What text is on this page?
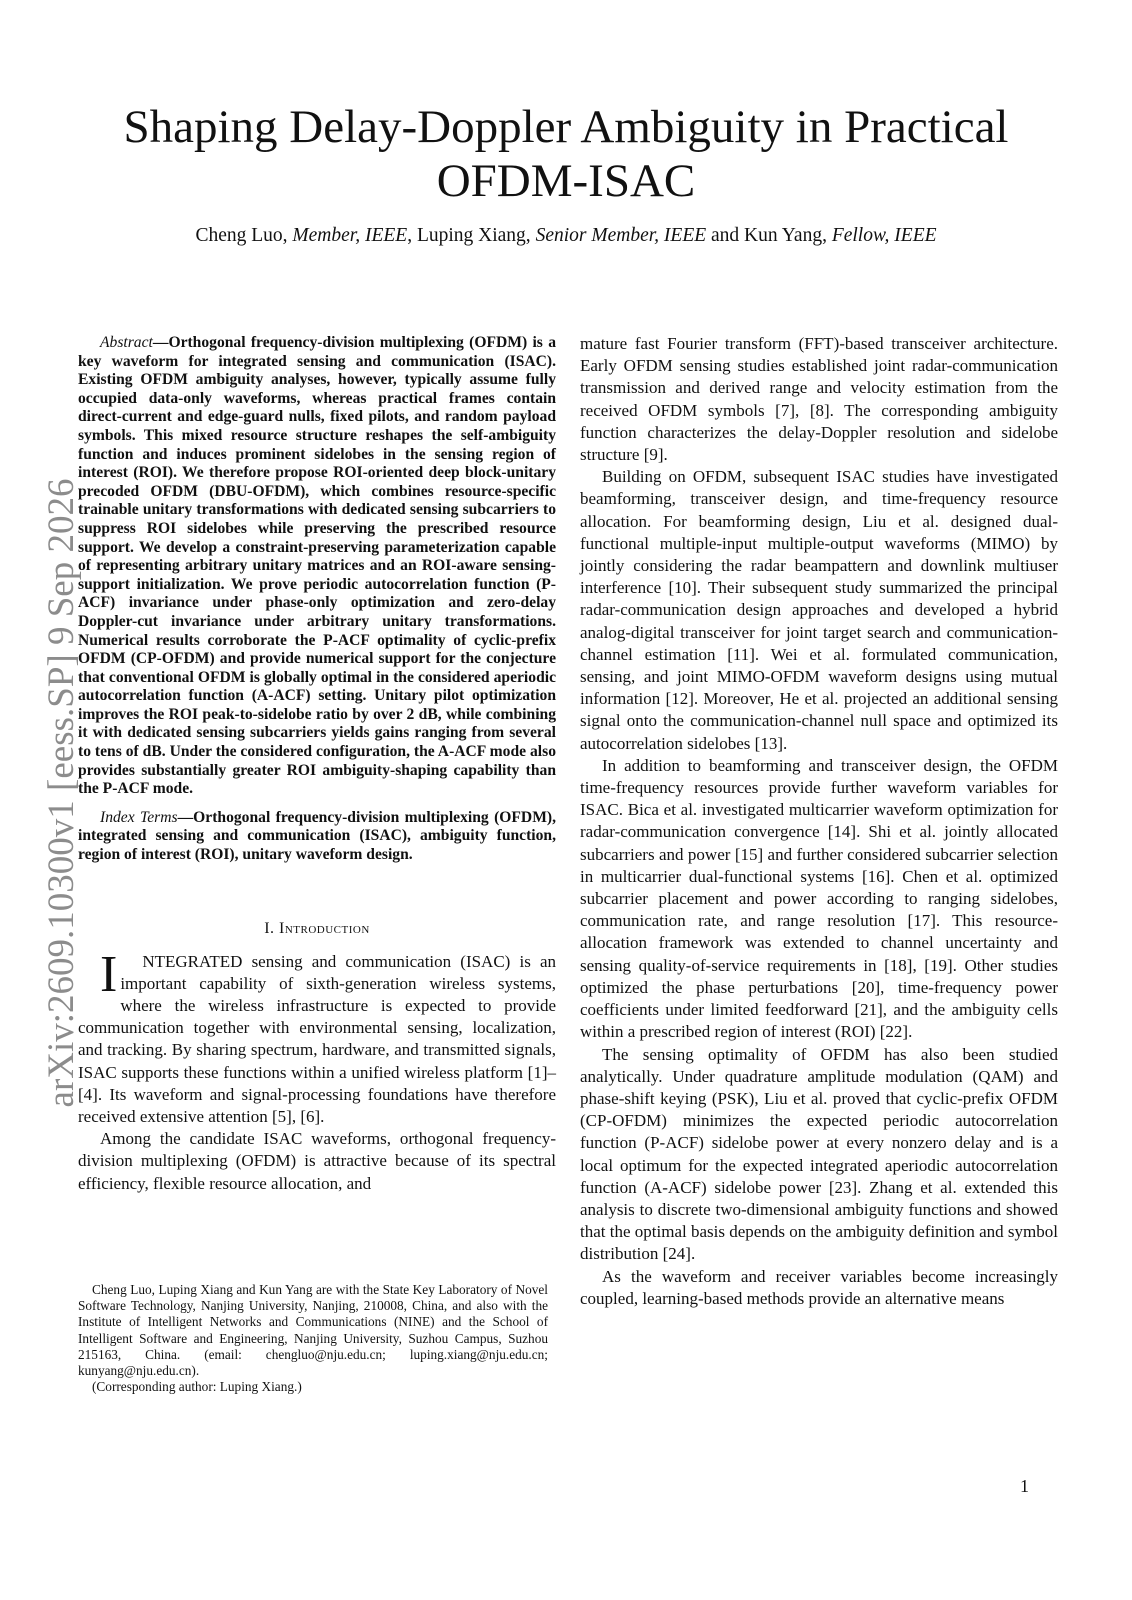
Shaping Delay-Doppler Ambiguity in Practical
OFDM-ISAC
Cheng Luo, Member, IEEE, Luping Xiang, Senior Member, IEEE and Kun Yang, Fellow, IEEE
arXiv:2609.10300v1 [eess.SP] 9 Sep 2026

Abstract—Orthogonal frequency-division multiplexing (OFDM) is a key waveform for integrated sensing and communication (ISAC). Existing OFDM ambiguity analyses, however, typically assume fully occupied data-only waveforms, whereas practical frames contain direct-current and edge-guard nulls, fixed pilots, and random payload symbols. This mixed resource structure reshapes the self-ambiguity function and induces prominent sidelobes in the sensing region of interest (ROI). We therefore propose ROI-oriented deep block-unitary precoded OFDM (DBU-OFDM), which combines resource-specific trainable unitary transformations with dedicated sensing subcarriers to suppress ROI sidelobes while preserving the prescribed resource support. We develop a constraint-preserving parameterization capable of representing arbitrary unitary matrices and an ROI-aware sensing-support initialization. We prove periodic autocorrelation function (P-ACF) invariance under phase-only optimization and zero-delay Doppler-cut invariance under arbitrary unitary transformations. Numerical results corroborate the P-ACF optimality of cyclic-prefix OFDM (CP-OFDM) and provide numerical support for the conjecture that conventional OFDM is globally optimal in the considered aperiodic autocorrelation function (A-ACF) setting. Unitary pilot optimization improves the ROI peak-to-sidelobe ratio by over 2 dB, while combining it with dedicated sensing subcarriers yields gains ranging from several to tens of dB. Under the considered configuration, the A-ACF mode also provides substantially greater ROI ambiguity-shaping capability than the P-ACF mode.

Index Terms—Orthogonal frequency-division multiplexing (OFDM), integrated sensing and communication (ISAC), ambiguity function, region of interest (ROI), unitary waveform design.

I. Introduction

I NTEGRATED sensing and communication (ISAC) is an important capability of sixth-generation wireless systems, where the wireless infrastructure is expected to provide communication together with environmental sensing, localization, and tracking. By sharing spectrum, hardware, and transmitted signals, ISAC supports these functions within a unified wireless platform [1]–[4]. Its waveform and signal-processing foundations have therefore received extensive attention [5], [6].

Among the candidate ISAC waveforms, orthogonal frequency-division multiplexing (OFDM) is attractive because of its spectral efficiency, flexible resource allocation, and

Cheng Luo, Luping Xiang and Kun Yang are with the State Key Laboratory of Novel Software Technology, Nanjing University, Nanjing, 210008, China, and also with the Institute of Intelligent Networks and Communications (NINE) and the School of Intelligent Software and Engineering, Nanjing University, Suzhou Campus, Suzhou 215163, China. (email: chengluo@nju.edu.cn; luping.xiang@nju.edu.cn; kunyang@nju.edu.cn).

(Corresponding author: Luping Xiang.)

mature fast Fourier transform (FFT)-based transceiver architecture. Early OFDM sensing studies established joint radar-communication transmission and derived range and velocity estimation from the received OFDM symbols [7], [8]. The corresponding ambiguity function characterizes the delay-Doppler resolution and sidelobe structure [9].

Building on OFDM, subsequent ISAC studies have investigated beamforming, transceiver design, and time-frequency resource allocation. For beamforming design, Liu et al. designed dual-functional multiple-input multiple-output waveforms (MIMO) by jointly considering the radar beampattern and downlink multiuser interference [10]. Their subsequent study summarized the principal radar-communication design approaches and developed a hybrid analog-digital transceiver for joint target search and communication-channel estimation [11]. Wei et al. formulated communication, sensing, and joint MIMO-OFDM waveform designs using mutual information [12]. Moreover, He et al. projected an additional sensing signal onto the communication-channel null space and optimized its autocorrelation sidelobes [13].

In addition to beamforming and transceiver design, the OFDM time-frequency resources provide further waveform variables for ISAC. Bica et al. investigated multicarrier waveform optimization for radar-communication convergence [14]. Shi et al. jointly allocated subcarriers and power [15] and further considered subcarrier selection in multicarrier dual-functional systems [16]. Chen et al. optimized subcarrier placement and power according to ranging sidelobes, communication rate, and range resolution [17]. This resource-allocation framework was extended to channel uncertainty and sensing quality-of-service requirements in [18], [19]. Other studies optimized the phase perturbations [20], time-frequency power coefficients under limited feedforward [21], and the ambiguity cells within a prescribed region of interest (ROI) [22].

The sensing optimality of OFDM has also been studied analytically. Under quadrature amplitude modulation (QAM) and phase-shift keying (PSK), Liu et al. proved that cyclic-prefix OFDM (CP-OFDM) minimizes the expected periodic autocorrelation function (P-ACF) sidelobe power at every nonzero delay and is a local optimum for the expected integrated aperiodic autocorrelation function (A-ACF) sidelobe power [23]. Zhang et al. extended this analysis to discrete two-dimensional ambiguity functions and showed that the optimal basis depends on the ambiguity definition and symbol distribution [24].

As the waveform and receiver variables become increasingly coupled, learning-based methods provide an alternative means

1
